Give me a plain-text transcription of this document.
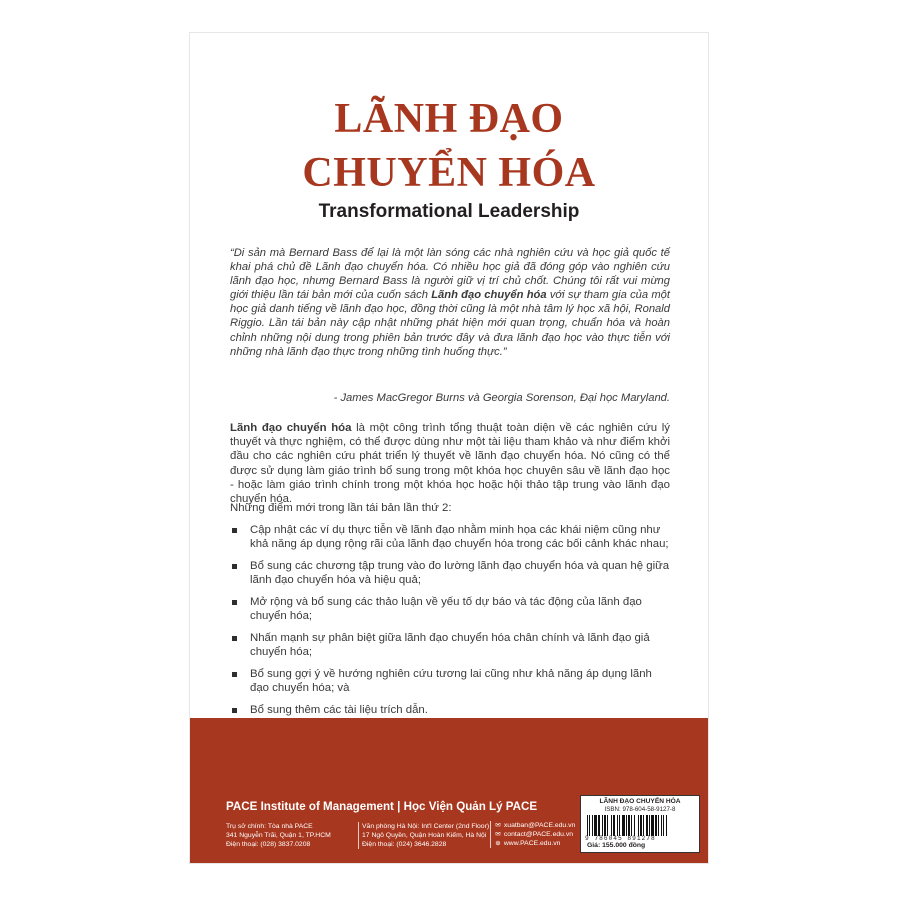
LÃNH ĐẠO
CHUYỂN HÓA

Transformational Leadership

“Di sản mà Bernard Bass để lại là một làn sóng các nhà nghiên cứu và học giả quốc tế khai phá chủ đề Lãnh đạo chuyển hóa. Có nhiều học giả đã đóng góp vào nghiên cứu lãnh đạo học, nhưng Bernard Bass là người giữ vị trí chủ chốt. Chúng tôi rất vui mừng giới thiệu lần tái bản mới của cuốn sách Lãnh đạo chuyển hóa với sự tham gia của một học giả danh tiếng về lãnh đạo học, đồng thời cũng là một nhà tâm lý học xã hội, Ronald Riggio. Lần tái bản này cập nhật những phát hiện mới quan trọng, chuẩn hóa và hoàn chỉnh những nội dung trong phiên bản trước đây và đưa lãnh đạo học vào thực tiễn với những nhà lãnh đạo thực trong những tình huống thực.”

- James MacGregor Burns và Georgia Sorenson, Đại học Maryland.

Lãnh đạo chuyển hóa là một công trình tổng thuật toàn diện về các nghiên cứu lý thuyết và thực nghiệm, có thể được dùng như một tài liệu tham khảo và như điểm khởi đầu cho các nghiên cứu phát triển lý thuyết về lãnh đạo chuyển hóa. Nó cũng có thể được sử dụng làm giáo trình bổ sung trong một khóa học chuyên sâu về lãnh đạo học - hoặc làm giáo trình chính trong một khóa học hoặc hội thảo tập trung vào lãnh đạo chuyển hóa.

Những điểm mới trong lần tái bản lần thứ 2:

Cập nhật các ví dụ thực tiễn về lãnh đạo nhằm minh họa các khái niệm cũng như khả năng áp dụng rộng rãi của lãnh đạo chuyển hóa trong các bối cảnh khác nhau;
Bổ sung các chương tập trung vào đo lường lãnh đạo chuyển hóa và quan hệ giữa lãnh đạo chuyển hóa và hiệu quả;
Mở rộng và bổ sung các thảo luận về yếu tố dự báo và tác động của lãnh đạo chuyển hóa;
Nhấn mạnh sự phân biệt giữa lãnh đạo chuyển hóa chân chính và lãnh đạo giả chuyển hóa;
Bổ sung gợi ý về hướng nghiên cứu tương lai cũng như khả năng áp dụng lãnh đạo chuyển hóa; và
Bổ sung thêm các tài liệu trích dẫn.

PACE Institute of Management | Học Viện Quản Lý PACE

Trụ sở chính: Tòa nhà PACE
341 Nguyễn Trãi, Quận 1, TP.HCM
Điện thoại: (028) 3837.0208
Văn phòng Hà Nội: Int'l Center (2nd Floor)
17 Ngô Quyền, Quận Hoàn Kiếm, Hà Nội
Điện thoại: (024) 3646.2828
✉ xuatban@PACE.edu.vn
✉ contact@PACE.edu.vn
⊕ www.PACE.edu.vn

LÃNH ĐẠO CHUYỂN HÓA

ISBN: 978-604-58-9127-8

9 786045 891278

Giá: 155.000 đồng
